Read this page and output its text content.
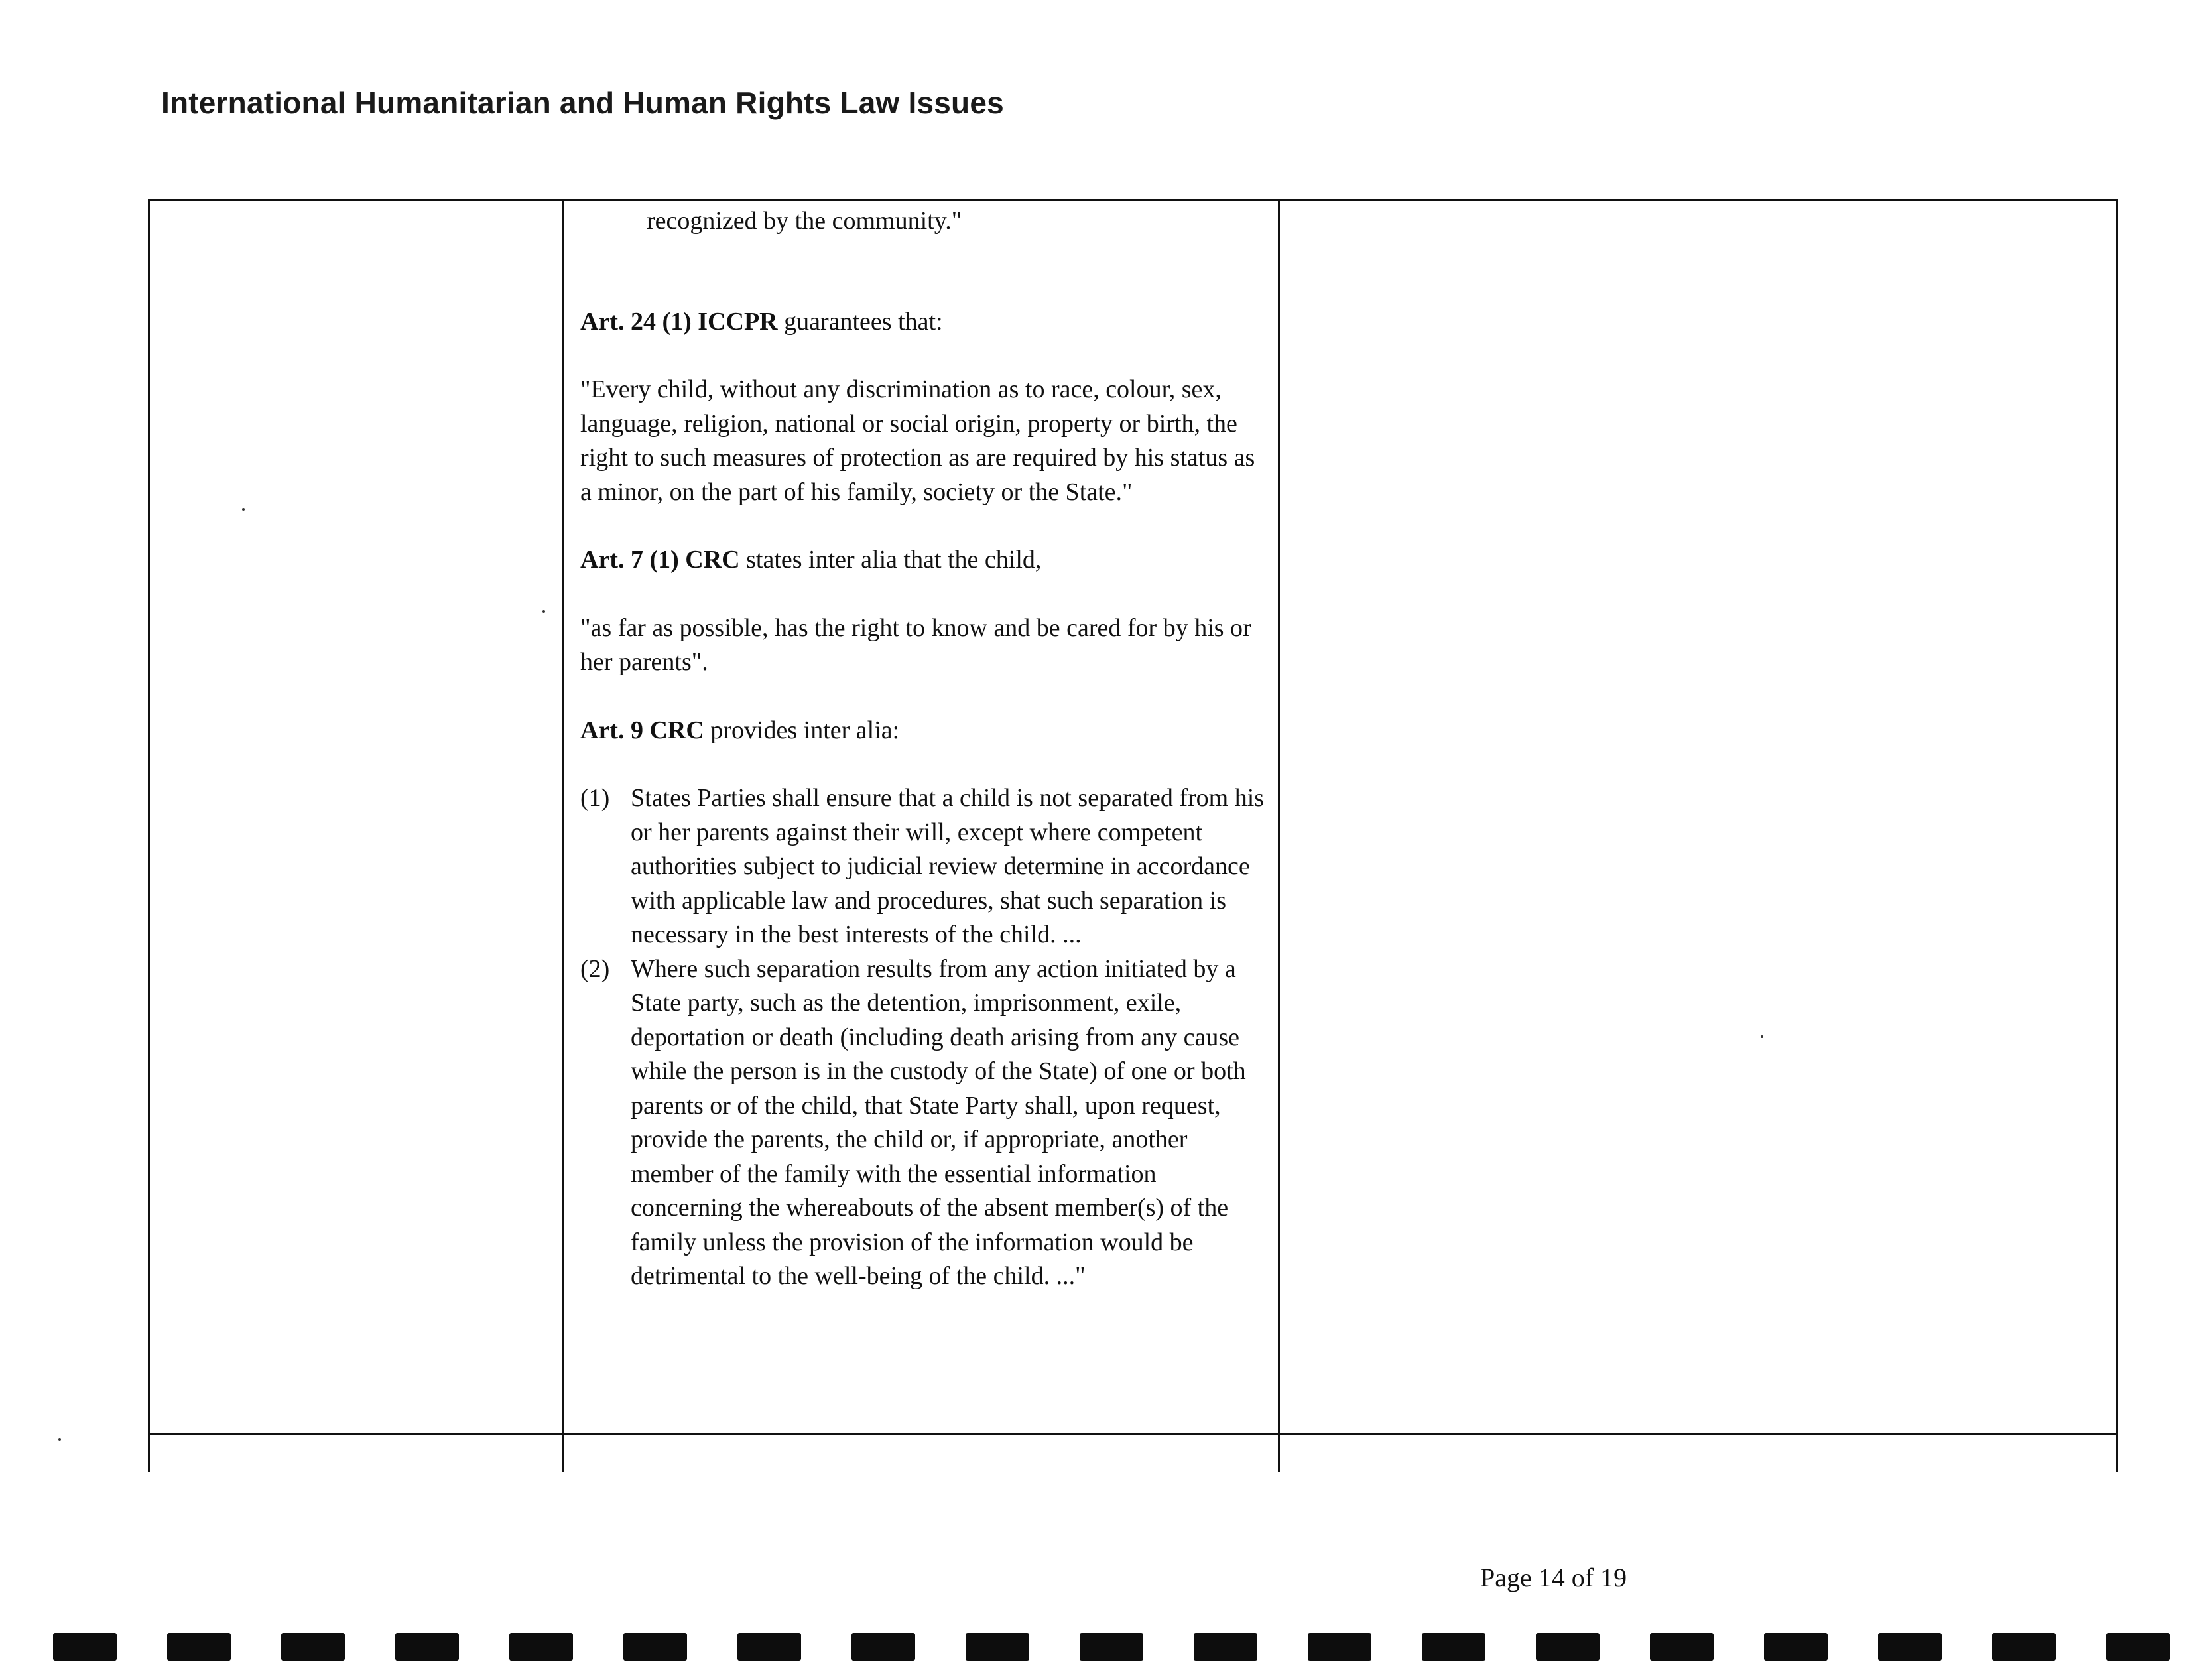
International Humanitarian and Human Rights Law Issues

recognized by the community."

Art. 24 (1) ICCPR guarantees that:

"Every child, without any discrimination as to race, colour, sex, language, religion, national or social origin, property or birth, the right to such measures of protection as are required by his status as a minor, on the part of his family, society or the State."

Art. 7 (1) CRC states inter alia that the child,

"as far as possible, has the right to know and be cared for by his or her parents".

Art. 9 CRC provides inter alia:

(1) States Parties shall ensure that a child is not separated from his or her parents against their will, except where competent authorities subject to judicial review determine in accordance with applicable law and procedures, shat such separation is necessary in the best interests of the child. ...
(2) Where such separation results from any action initiated by a State party, such as the detention, imprisonment, exile, deportation or death (including death arising from any cause while the person is in the custody of the State) of one or both parents or of the child, that State Party shall, upon request, provide the parents, the child or, if appropriate, another member of the family with the essential information concerning the whereabouts of the absent member(s) of the family unless the provision of the information would be detrimental to the well-being of the child. ..."
Page 14 of 19
